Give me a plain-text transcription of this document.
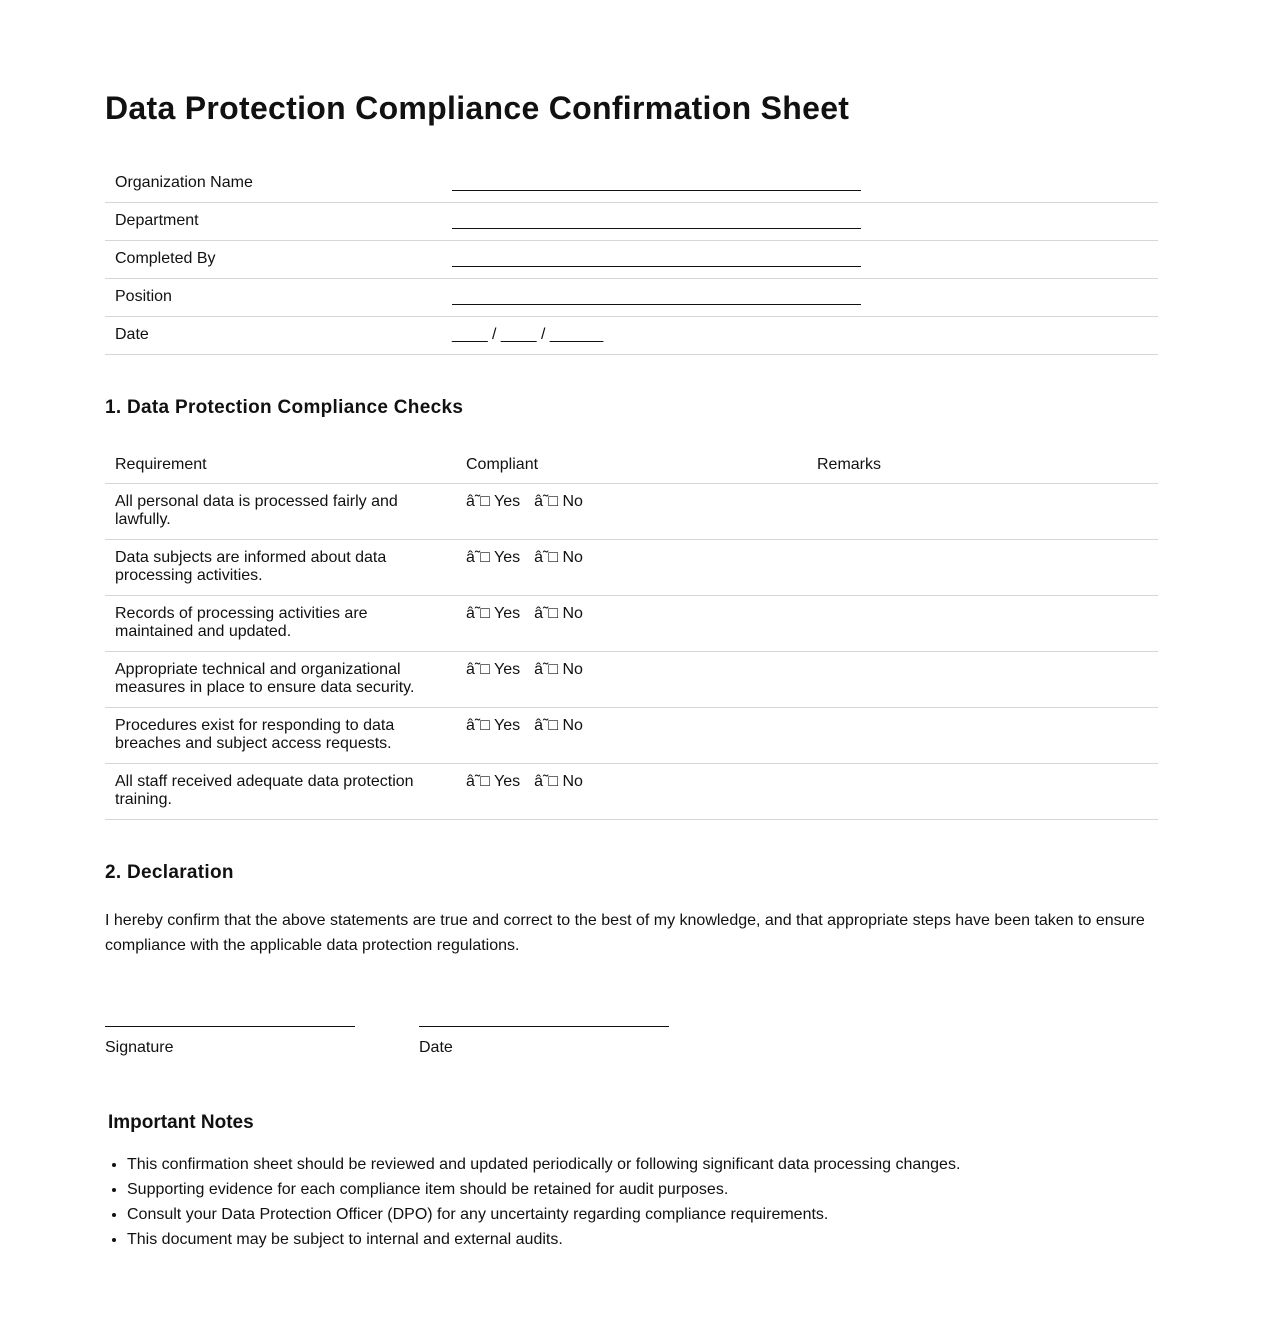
Data Protection Compliance Confirmation Sheet
Organization Name	
Department	
Completed By	
Position	
Date	____ / ____ / ______
1. Data Protection Compliance Checks
Requirement	Compliant	Remarks
All personal data is processed fairly and lawfully.	â˜□ Yes â˜□ No	
Data subjects are informed about data processing activities.	â˜□ Yes â˜□ No	
Records of processing activities are maintained and updated.	â˜□ Yes â˜□ No	
Appropriate technical and organizational measures in place to ensure data security.	â˜□ Yes â˜□ No	
Procedures exist for responding to data breaches and subject access requests.	â˜□ Yes â˜□ No	
All staff received adequate data protection training.	â˜□ Yes â˜□ No	
2. Declaration
I hereby confirm that the above statements are true and correct to the best of my knowledge, and that appropriate steps have been taken to ensure compliance with the applicable data protection regulations.
Signature	Date
Important Notes
• This confirmation sheet should be reviewed and updated periodically or following significant data processing changes.
• Supporting evidence for each compliance item should be retained for audit purposes.
• Consult your Data Protection Officer (DPO) for any uncertainty regarding compliance requirements.
• This document may be subject to internal and external audits.
